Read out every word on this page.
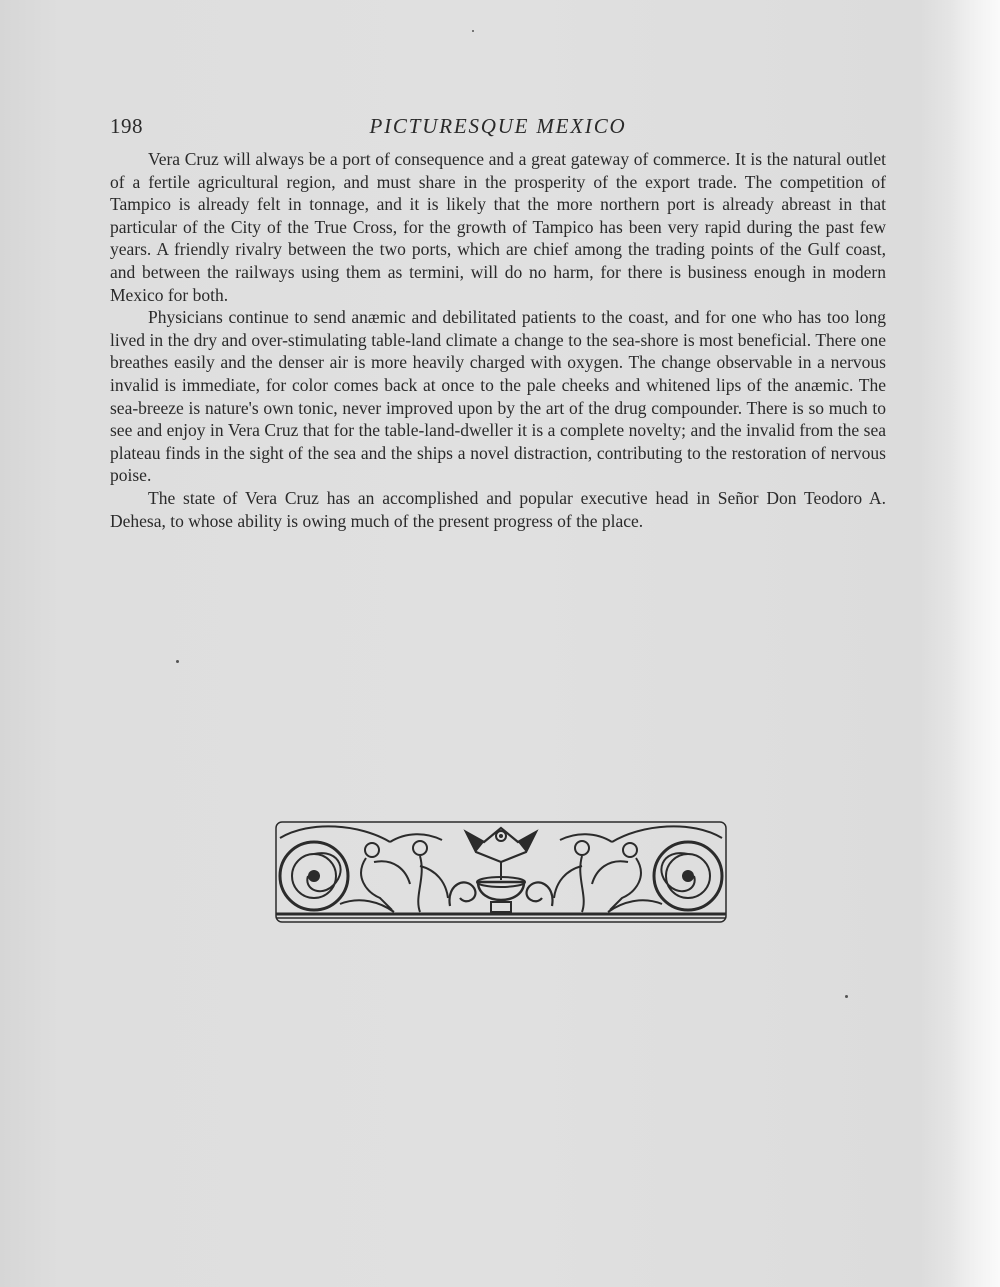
198	PICTURESQUE MEXICO

Vera Cruz will always be a port of consequence and a great gateway of commerce. It is the natural outlet of a fertile agricultural region, and must share in the prosperity of the export trade. The competition of Tampico is already felt in tonnage, and it is likely that the more northern port is already abreast in that particular of the City of the True Cross, for the growth of Tampico has been very rapid during the past few years. A friendly rivalry between the two ports, which are chief among the trading points of the Gulf coast, and between the railways using them as termini, will do no harm, for there is business enough in modern Mexico for both.

Physicians continue to send anæmic and debilitated patients to the coast, and for one who has too long lived in the dry and over-stimulating table-land climate a change to the sea-shore is most beneficial. There one breathes easily and the denser air is more heavily charged with oxygen. The change observable in a nervous invalid is immediate, for color comes back at once to the pale cheeks and whitened lips of the anæmic. The sea-breeze is nature's own tonic, never improved upon by the art of the drug compounder. There is so much to see and enjoy in Vera Cruz that for the table-land-dweller it is a complete novelty; and the invalid from the sea plateau finds in the sight of the sea and the ships a novel distraction, contributing to the restoration of nervous poise.

The state of Vera Cruz has an accomplished and popular executive head in Señor Don Teodoro A. Dehesa, to whose ability is owing much of the present progress of the place.
